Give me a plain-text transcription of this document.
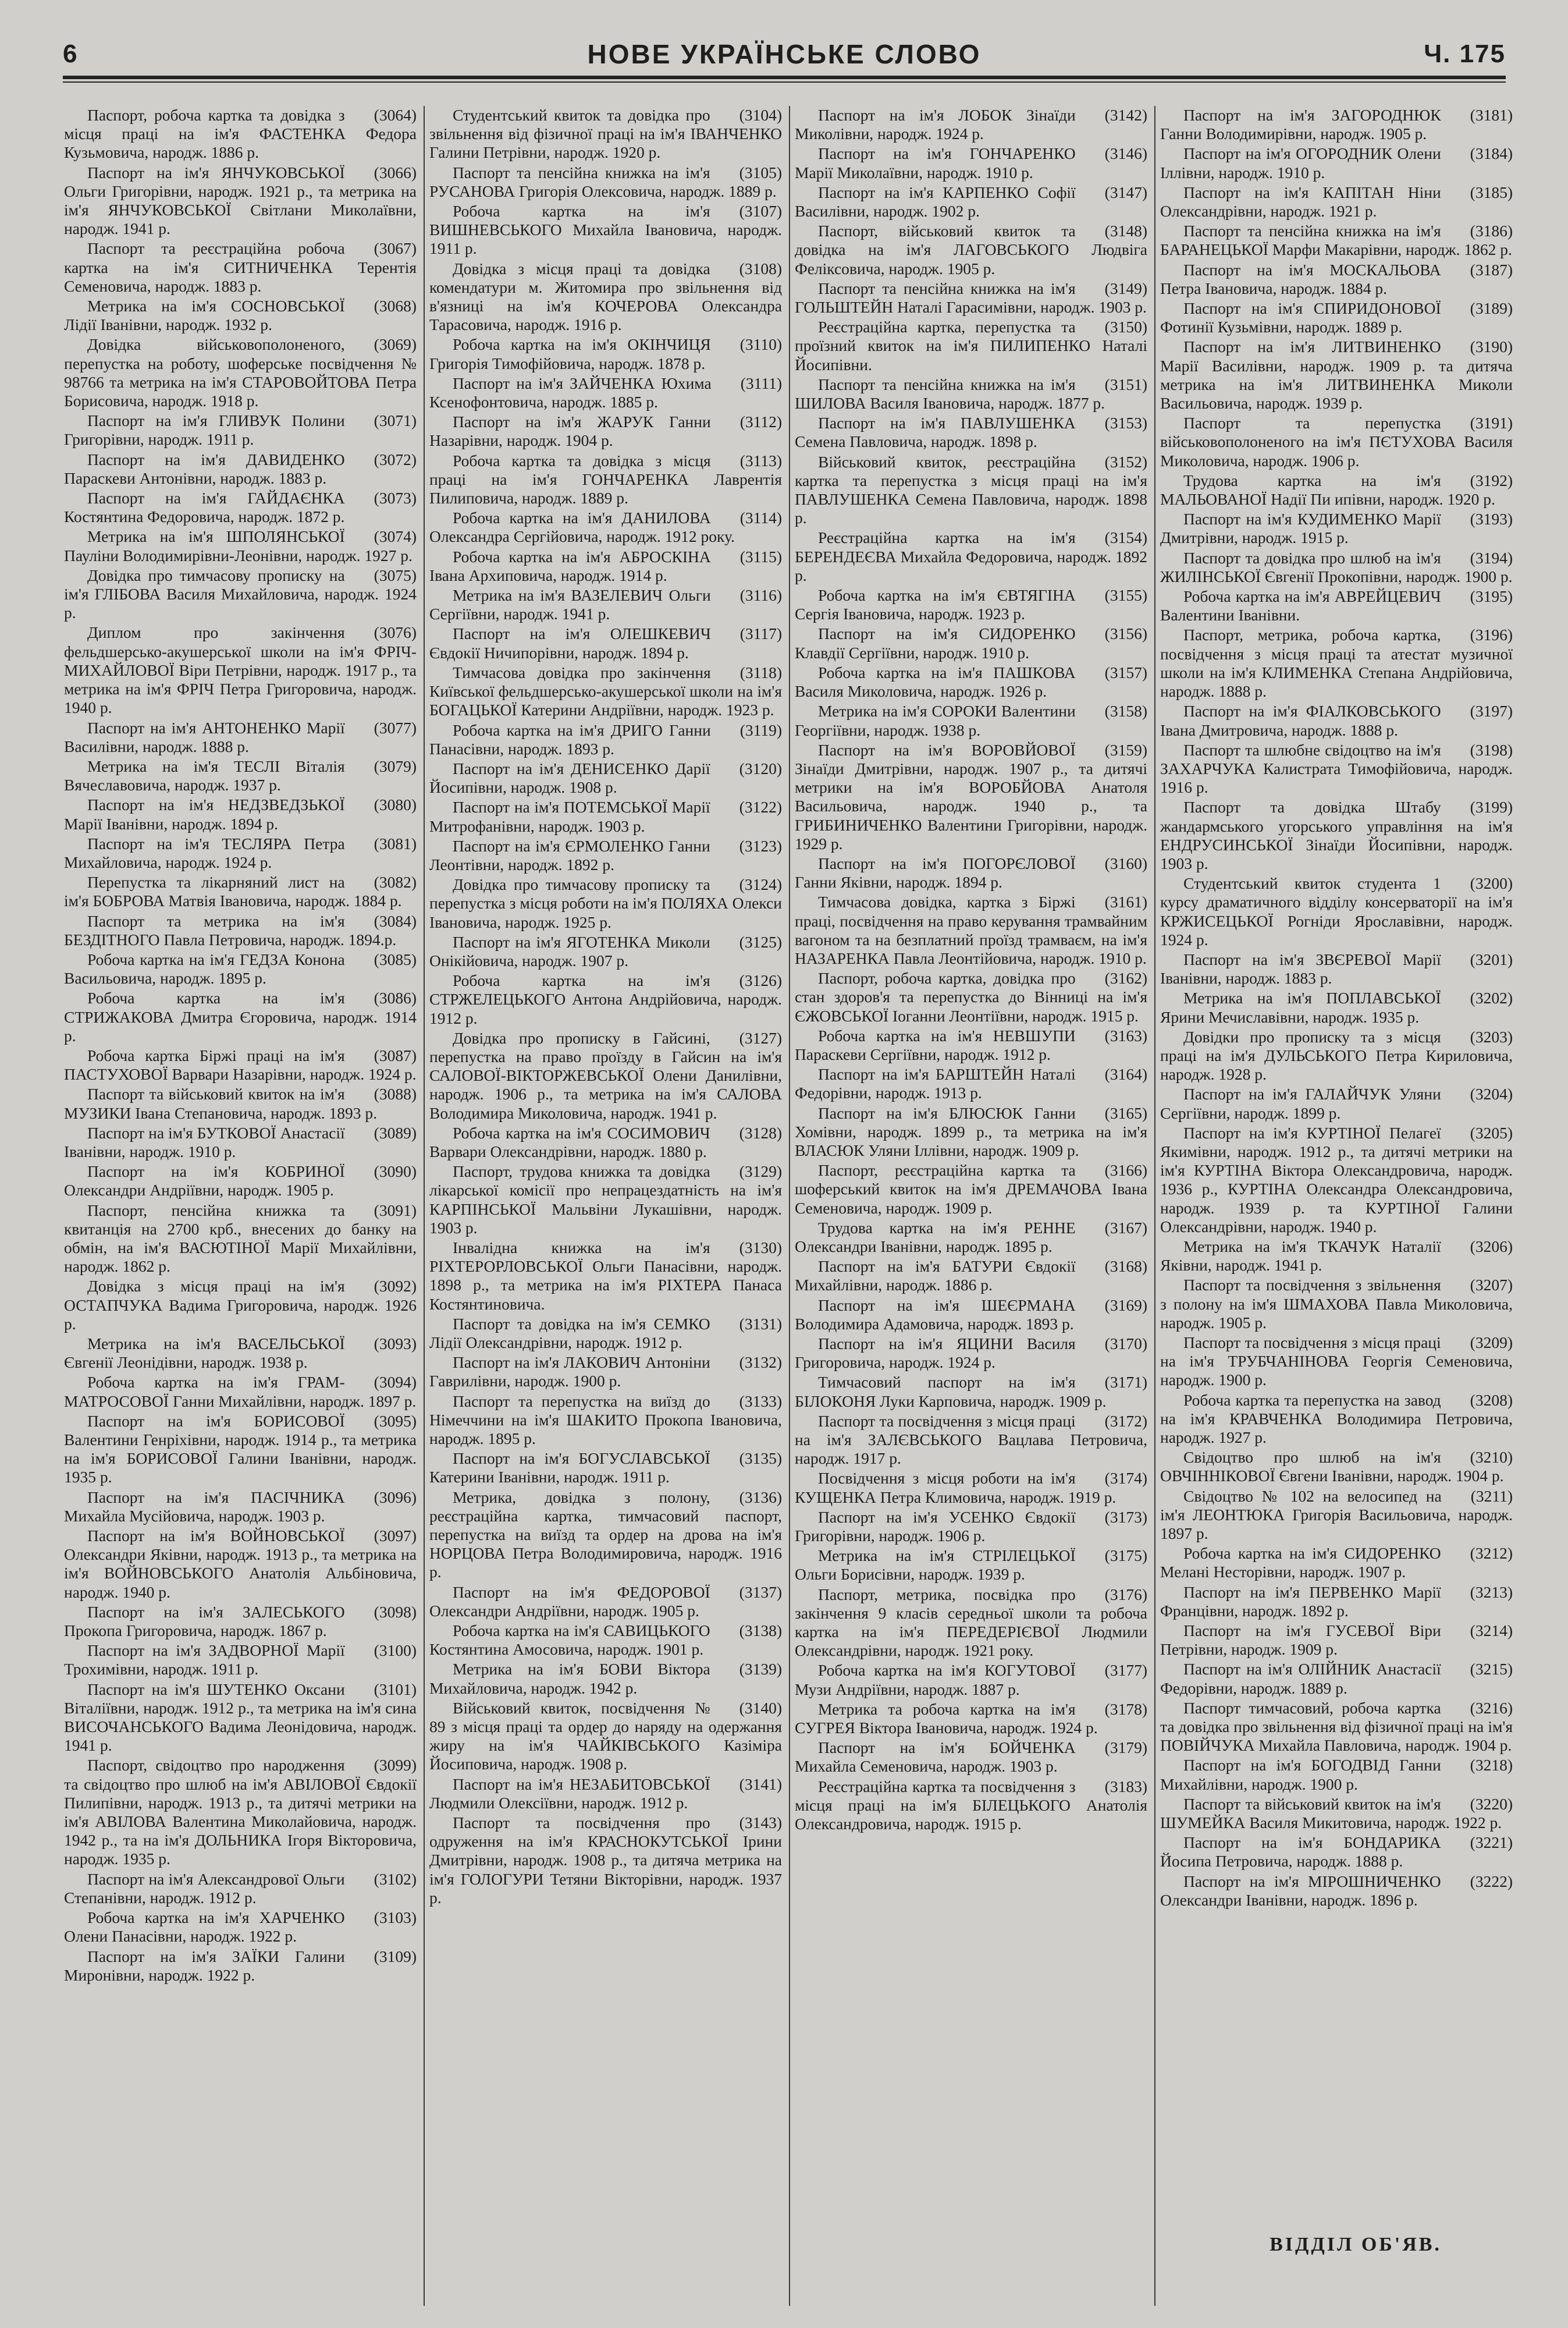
6	НОВЕ УКРАЇНСЬКЕ СЛОВО	Ч. 175

(3064)
Паспорт, робоча картка та довідка з місця праці на ім'я ФАСТЕНКА Федора Кузьмовича, народж. 1886 р.

(3066)
Паспорт на ім'я ЯНЧУКОВСЬКОЇ Ольги Григорівни, народж. 1921 р., та метрика на ім'я ЯНЧУКОВСЬКОЇ Світлани Миколаївни, народж. 1941 р.

(3067)
Паспорт та реєстраційна робоча картка на ім'я СИТНИЧЕНКА Терентія Семеновича, народж. 1883 р.

(3068)
Метрика на ім'я СОСНОВСЬКОЇ Лідії Іванівни, народж. 1932 р.

(3069)
Довідка військовополоненого, перепустка на роботу, шоферське посвідчення № 98766 та метрика на ім'я СТАРОВОЙТОВА Петра Борисовича, народж. 1918 р.

(3071)
Паспорт на ім'я ГЛИВУК Полини Григорівни, народж. 1911 р.

(3072)
Паспорт на ім'я ДАВИДЕНКО Параскеви Антонівни, народж. 1883 р.

(3073)
Паспорт на ім'я ГАЙДАЄНКА Костянтина Федоровича, народж. 1872 р.

(3074)
Метрика на ім'я ШПОЛЯНСЬКОЇ Пауліни Володимирівни-Леонівни, народж. 1927 р.

(3075)
Довідка про тимчасову прописку на ім'я ГЛІБОВА Василя Михайловича, народж. 1924 р.

(3076)
Диплом про закінчення фельдшерсько-акушерської школи на ім'я ФРІЧ-МИХАЙЛОВОЇ Віри Петрівни, народж. 1917 р., та метрика на ім'я ФРІЧ Петра Григоровича, народж. 1940 р.

(3077)
Паспорт на ім'я АНТОНЕНКО Марії Василівни, народж. 1888 р.

(3079)
Метрика на ім'я ТЕСЛІ Віталія Вячеславовича, народж. 1937 р.

(3080)
Паспорт на ім'я НЕДЗВЕДЗЬКОЇ Марії Іванівни, народж. 1894 р.

(3081)
Паспорт на ім'я ТЕСЛЯРА Петра Михайловича, народж. 1924 р.

(3082)
Перепустка та лікарняний лист на ім'я БОБРОВА Матвія Івановича, народж. 1884 р.

(3084)
Паспорт та метрика на ім'я БЕЗДІТНОГО Павла Петровича, народж. 1894.р.

(3085)
Робоча картка на ім'я ГЕДЗА Конона Васильовича, народж. 1895 р.

(3086)
Робоча картка на ім'я СТРИЖАКОВА Дмитра Єгоровича, народж. 1914 р.

(3087)
Робоча картка Біржі праці на ім'я ПАСТУХОВОЇ Варвари Назарівни, народж. 1924 р.

(3088)
Паспорт та військовий квиток на ім'я МУЗИКИ Івана Степановича, народж. 1893 р.

(3089)
Паспорт на ім'я БУТКОВОЇ Анастасії Іванівни, народж. 1910 р.

(3090)
Паспорт на ім'я КОБРИНОЇ Олександри Андріївни, народж. 1905 р.

(3091)
Паспорт, пенсійна книжка та квитанція на 2700 крб., внесених до банку на обмін, на ім'я ВАСЮТІНОЇ Марії Михайлівни, народж. 1862 р.

(3092)
Довідка з місця праці на ім'я ОСТАПЧУКА Вадима Григоровича, народж. 1926 р.

(3093)
Метрика на ім'я ВАСЕЛЬСЬКОЇ Євгенії Леонідівни, народж. 1938 р.

(3094)
Робоча картка на ім'я ГРАМ-МАТРОСОВОЇ Ганни Михайлівни, народж. 1897 р.

(3095)
Паспорт на ім'я БОРИСОВОЇ Валентини Генріхівни, народж. 1914 р., та метрика на ім'я БОРИСОВОЇ Галини Іванівни, народж. 1935 р.

(3096)
Паспорт на ім'я ПАСІЧНИКА Михайла Мусійовича, народж. 1903 р.

(3097)
Паспорт на ім'я ВОЙНОВСЬКОЇ Олександри Яківни, народж. 1913 р., та метрика на ім'я ВОЙНОВСЬКОГО Анатолія Альбіновича, народж. 1940 р.

(3098)
Паспорт на ім'я ЗАЛЕСЬКОГО Прокопа Григоровича, народж. 1867 р.

(3100)
Паспорт на ім'я ЗАДВОРНОЇ Марії Трохимівни, народж. 1911 р.

(3101)
Паспорт на ім'я ШУТЕНКО Оксани Віталіївни, народж. 1912 р., та метрика на ім'я сина ВИСОЧАНСЬКОГО Вадима Леонідовича, народж. 1941 р.

(3099)
Паспорт, свідоцтво про народження та свідоцтво про шлюб на ім'я АВІЛОВОЇ Євдокії Пилипівни, народж. 1913 р., та дитячі метрики на ім'я АВІЛОВА Валентина Миколайовича, народж. 1942 р., та на ім'я ДОЛЬНИКА Ігоря Вікторовича, народж. 1935 р.

(3102)
Паспорт на ім'я Александрової Ольги Степанівни, народж. 1912 р.

(3103)
Робоча картка на ім'я ХАРЧЕНКО Олени Панасівни, народж. 1922 р.

(3109)
Паспорт на ім'я ЗАЇКИ Галини Миронівни, народж. 1922 р.

(3104)
Студентський квиток та довідка про звільнення від фізичної праці на ім'я ІВАНЧЕНКО Галини Петрівни, народж. 1920 р.

(3105)
Паспорт та пенсійна книжка на ім'я РУСАНОВА Григорія Олексовича, народж. 1889 р.

(3107)
Робоча картка на ім'я ВИШНЕВСЬКОГО Михайла Івановича, народж. 1911 р.

(3108)
Довідка з місця праці та довідка комендатури м. Житомира про звільнення від в'язниці на ім'я КОЧЕРОВА Олександра Тарасовича, народж. 1916 р.

(3110)
Робоча картка на ім'я ОКІНЧИЦЯ Григорія Тимофійовича, народж. 1878 р.

(3111)
Паспорт на ім'я ЗАЙЧЕНКА Юхима Ксенофонтовича, народж. 1885 р.

(3112)
Паспорт на ім'я ЖАРУК Ганни Назарівни, народж. 1904 р.

(3113)
Робоча картка та довідка з місця праці на ім'я ГОНЧАРЕНКА Лаврентія Пилиповича, народж. 1889 р.

(3114)
Робоча картка на ім'я ДАНИЛОВА Олександра Сергійовича, народж. 1912 року.

(3115)
Робоча картка на ім'я АБРОСКІНА Івана Архиповича, народж. 1914 р.

(3116)
Метрика на ім'я ВАЗЕЛЕВИЧ Ольги Сергіївни, народж. 1941 р.

(3117)
Паспорт на ім'я ОЛЕШКЕВИЧ Євдокії Ничипорівни, народж. 1894 р.

(3118)
Тимчасова довідка про закінчення Київської фельдшерсько-акушерської школи на ім'я БОГАЦЬКОЇ Катерини Андріївни, народж. 1923 р.

(3119)
Робоча картка на ім'я ДРИГО Ганни Панасівни, народж. 1893 р.

(3120)
Паспорт на ім'я ДЕНИСЕНКО Дарії Йосипівни, народж. 1908 р.

(3122)
Паспорт на ім'я ПОТЕМСЬКОЇ Марії Митрофанівни, народж. 1903 р.

(3123)
Паспорт на ім'я ЄРМОЛЕНКО Ганни Леонтівни, народж. 1892 р.

(3124)
Довідка про тимчасову прописку та перепустка з місця роботи на ім'я ПОЛЯХА Олекси Івановича, народж. 1925 р.

(3125)
Паспорт на ім'я ЯГОТЕНКА Миколи Онікійовича, народж. 1907 р.

(3126)
Робоча картка на ім'я СТРЖЕЛЕЦЬКОГО Антона Андрійовича, народж. 1912 р.

(3127)
Довідка про прописку в Гайсині, перепустка на право проїзду в Гайсин на ім'я САЛОВОЇ-ВІКТОРЖЕВСЬКОЇ Олени Данилівни, народж. 1906 р., та метрика на ім'я САЛОВА Володимира Миколовича, народж. 1941 р.

(3128)
Робоча картка на ім'я СОСИМОВИЧ Варвари Олександрівни, народж. 1880 р.

(3129)
Паспорт, трудова книжка та довідка лікарської комісії про непрацездатність на ім'я КАРПІНСЬКОЇ Мальвіни Лукашівни, народж. 1903 р.

(3130)
Інвалідна книжка на ім'я РІХТЕРОРЛОВСЬКОЇ Ольги Панасівни, народж. 1898 р., та метрика на ім'я РІХТЕРА Панаса Костянтиновича.

(3131)
Паспорт та довідка на ім'я СЕМКО Лідії Олександрівни, народж. 1912 р.

(3132)
Паспорт на ім'я ЛАКОВИЧ Антоніни Гаврилівни, народж. 1900 р.

(3133)
Паспорт та перепустка на виїзд до Німеччини на ім'я ШАКИТО Прокопа Івановича, народж. 1895 р.

(3135)
Паспорт на ім'я БОГУСЛАВСЬКОЇ Катерини Іванівни, народж. 1911 р.

(3136)
Метрика, довідка з полону, реєстраційна картка, тимчасовий паспорт, перепустка на виїзд та ордер на дрова на ім'я НОРЦОВА Петра Володимировича, народж. 1916 р.

(3137)
Паспорт на ім'я ФЕДОРОВОЇ Олександри Андріївни, народж. 1905 р.

(3138)
Робоча картка на ім'я САВИЦЬКОГО Костянтина Амосовича, народж. 1901 р.

(3139)
Метрика на ім'я БОВИ Віктора Михайловича, народж. 1942 р.

(3140)
Військовий квиток, посвідчення № 89 з місця праці та ордер до наряду на одержання жиру на ім'я ЧАЙКІВСЬКОГО Казіміра Йосиповича, народж. 1908 р.

(3141)
Паспорт на ім'я НЕЗАБИТОВСЬКОЇ Людмили Олексіївни, народж. 1912 р.

(3143)
Паспорт та посвідчення про одруження на ім'я КРАСНОКУТСЬКОЇ Ірини Дмитрівни, народж. 1908 р., та дитяча метрика на ім'я ГОЛОГУРИ Тетяни Вікторівни, народж. 1937 р.

(3142)
Паспорт на ім'я ЛОБОК Зінаїди Миколівни, народж. 1924 р.

(3146)
Паспорт на ім'я ГОНЧАРЕНКО Марії Миколаївни, народж. 1910 р.

(3147)
Паспорт на ім'я КАРПЕНКО Софії Василівни, народж. 1902 р.

(3148)
Паспорт, військовий квиток та довідка на ім'я ЛАГОВСЬКОГО Людвіга Феліксовича, народж. 1905 р.

(3149)
Паспорт та пенсійна книжка на ім'я ГОЛЬШТЕЙН Наталі Гарасимівни, народж. 1903 р.

(3150)
Реєстраційна картка, перепустка та проїзний квиток на ім'я ПИЛИПЕНКО Наталі Йосипівни.

(3151)
Паспорт та пенсійна книжка на ім'я ШИЛОВА Василя Івановича, народж. 1877 р.

(3153)
Паспорт на ім'я ПАВЛУШЕНКА Семена Павловича, народж. 1898 р.

(3152)
Військовий квиток, реєстраційна картка та перепустка з місця праці на ім'я ПАВЛУШЕНКА Семена Павловича, народж. 1898 р.

(3154)
Реєстраційна картка на ім'я БЕРЕНДЕЄВА Михайла Федоровича, народж. 1892 р.

(3155)
Робоча картка на ім'я ЄВТЯГІНА Сергія Івановича, народж. 1923 р.

(3156)
Паспорт на ім'я СИДОРЕНКО Клавдії Сергіївни, народж. 1910 р.

(3157)
Робоча картка на ім'я ПАШКОВА Василя Миколовича, народж. 1926 р.

(3158)
Метрика на ім'я СОРОКИ Валентини Георгіївни, народж. 1938 р.

(3159)
Паспорт на ім'я ВОРОВЙОВОЇ Зінаїди Дмитрівни, народж. 1907 р., та дитячі метрики на ім'я ВОРОБЙОВА Анатоля Васильовича, народж. 1940 р., та ГРИБИНИЧЕНКО Валентини Григорівни, народж. 1929 р.

(3160)
Паспорт на ім'я ПОГОРЄЛОВОЇ Ганни Яківни, народж. 1894 р.

(3161)
Тимчасова довідка, картка з Біржі праці, посвідчення на право керування трамвайним вагоном та на безплатний проїзд трамваєм, на ім'я НАЗАРЕНКА Павла Леонтійовича, народж. 1910 р.

(3162)
Паспорт, робоча картка, довідка про стан здоров'я та перепустка до Вінниці на ім'я ЄЖОВСЬКОЇ Іоганни Леонтіївни, народж. 1915 р.

(3163)
Робоча картка на ім'я НЕВШУПИ Параскеви Сергіївни, народж. 1912 р.

(3164)
Паспорт на ім'я БАРШТЕЙН Наталі Федорівни, народж. 1913 р.

(3165)
Паспорт на ім'я БЛЮСЮК Ганни Хомівни, народж. 1899 р., та метрика на ім'я ВЛАСЮК Уляни Іллівни, народж. 1909 р.

(3166)
Паспорт, реєстраційна картка та шоферський квиток на ім'я ДРЕМАЧОВА Івана Семеновича, народж. 1909 р.

(3167)
Трудова картка на ім'я РЕННЕ Олександри Іванівни, народж. 1895 р.

(3168)
Паспорт на ім'я БАТУРИ Євдокії Михайлівни, народж. 1886 р.

(3169)
Паспорт на ім'я ШЕЄРМАНА Володимира Адамовича, народж. 1893 р.

(3170)
Паспорт на ім'я ЯЦИНИ Василя Григоровича, народж. 1924 р.

(3171)
Тимчасовий паспорт на ім'я БІЛОКОНЯ Луки Карповича, народж. 1909 р.

(3172)
Паспорт та посвідчення з місця праці на ім'я ЗАЛЄВСЬКОГО Вацлава Петровича, народж. 1917 р.

(3174)
Посвідчення з місця роботи на ім'я КУЩЕНКА Петра Климовича, народж. 1919 р.

(3173)
Паспорт на ім'я УСЕНКО Євдокії Григорівни, народж. 1906 р.

(3175)
Метрика на ім'я СТРІЛЕЦЬКОЇ Ольги Борисівни, народж. 1939 р.

(3176)
Паспорт, метрика, посвідка про закінчення 9 класів середньої школи та робоча картка на ім'я ПЕРЕДЕРІЄВОЇ Людмили Олександрівни, народж. 1921 року.

(3177)
Робоча картка на ім'я КОГУТОВОЇ Музи Андріївни, народж. 1887 р.

(3178)
Метрика та робоча картка на ім'я СУГРЕЯ Віктора Івановича, народж. 1924 р.

(3179)
Паспорт на ім'я БОЙЧЕНКА Михайла Семеновича, народж. 1903 р.

(3183)
Реєстраційна картка та посвідчення з місця праці на ім'я БІЛЕЦЬКОГО Анатолія Олександровича, народж. 1915 р.

(3181)
Паспорт на ім'я ЗАГОРОДНЮК Ганни Володимирівни, народж. 1905 р.

(3184)
Паспорт на ім'я ОГОРОДНИК Олени Іллівни, народж. 1910 р.

(3185)
Паспорт на ім'я КАПІТАН Ніни Олександрівни, народж. 1921 р.

(3186)
Паспорт та пенсійна книжка на ім'я БАРАНЕЦЬКОЇ Марфи Макарівни, народж. 1862 р.

(3187)
Паспорт на ім'я МОСКАЛЬОВА Петра Івановича, народж. 1884 р.

(3189)
Паспорт на ім'я СПИРИДОНОВОЇ Фотинії Кузьмівни, народж. 1889 р.

(3190)
Паспорт на ім'я ЛИТВИНЕНКО Марії Василівни, народж. 1909 р. та дитяча метрика на ім'я ЛИТВИНЕНКА Миколи Васильовича, народж. 1939 р.

(3191)
Паспорт та перепустка військовополоненого на ім'я ПЄТУХОВА Василя Миколовича, народж. 1906 р.

(3192)
Трудова картка на ім'я МАЛЬОВАНОЇ Надії Пи ипівни, народж. 1920 р.

(3193)
Паспорт на ім'я КУДИМЕНКО Марії Дмитрівни, народж. 1915 р.

(3194)
Паспорт та довідка про шлюб на ім'я ЖИЛІНСЬКОЇ Євгенії Прокопівни, народж. 1900 р.

(3195)
Робоча картка на ім'я АВРЕЙЦЕВИЧ Валентини Іванівни.

(3196)
Паспорт, метрика, робоча картка, посвідчення з місця праці та атестат музичної школи на ім'я КЛИМЕНКА Степана Андрійовича, народж. 1888 р.

(3197)
Паспорт на ім'я ФІАЛКОВСЬКОГО Івана Дмитровича, народж. 1888 р.

(3198)
Паспорт та шлюбне свідоцтво на ім'я ЗАХАРЧУКА Калистрата Тимофійовича, народж. 1916 р.

(3199)
Паспорт та довідка Штабу жандармського угорського управління на ім'я ЕНДРУСИНСЬКОЇ Зінаїди Йосипівни, народж. 1903 р.

(3200)
Студентський квиток студента 1 курсу драматичного відділу консерваторії на ім'я КРЖИСЕЦЬКОЇ Рогніди Ярославівни, народж. 1924 р.

(3201)
Паспорт на ім'я ЗВЄРЕВОЇ Марії Іванівни, народж. 1883 р.

(3202)
Метрика на ім'я ПОПЛАВСЬКОЇ Ярини Мечиславівни, народж. 1935 р.

(3203)
Довідки про прописку та з місця праці на ім'я ДУЛЬСЬКОГО Петра Кириловича, народж. 1928 р.

(3204)
Паспорт на ім'я ГАЛАЙЧУК Уляни Сергіївни, народж. 1899 р.

(3205)
Паспорт на ім'я КУРТІНОЇ Пелагеї Якимівни, народж. 1912 р., та дитячі метрики на ім'я КУРТІНА Віктора Олександровича, народж. 1936 р., КУРТІНА Олександра Олександровича, народж. 1939 р. та КУРТІНОЇ Галини Олександрівни, народж. 1940 р.

(3206)
Метрика на ім'я ТКАЧУК Наталії Яківни, народж. 1941 р.

(3207)
Паспорт та посвідчення з звільнення з полону на ім'я ШМАХОВА Павла Миколовича, народж. 1905 р.

(3209)
Паспорт та посвідчення з місця праці на ім'я ТРУБЧАНІНОВА Георгія Семеновича, народж. 1900 р.

(3208)
Робоча картка та перепустка на завод на ім'я КРАВЧЕНКА Володимира Петровича, народж. 1927 р.

(3210)
Свідоцтво про шлюб на ім'я ОВЧІННІКОВОЇ Євгени Іванівни, народж. 1904 р.

(3211)
Свідоцтво № 102 на велосипед на ім'я ЛЕОНТЮКА Григорія Васильовича, народж. 1897 р.

(3212)
Робоча картка на ім'я СИДОРЕНКО Мелані Несторівни, народж. 1907 р.

(3213)
Паспорт на ім'я ПЕРВЕНКО Марії Францівни, народж. 1892 р.

(3214)
Паспорт на ім'я ГУСЕВОЇ Віри Петрівни, народж. 1909 р.

(3215)
Паспорт на ім'я ОЛІЙНИК Анастасії Федорівни, народж. 1889 р.

(3216)
Паспорт тимчасовий, робоча картка та довідка про звільнення від фізичної праці на ім'я ПОВІЙЧУКА Михайла Павловича, народж. 1904 р.

(3218)
Паспорт на ім'я БОГОДВІД Ганни Михайлівни, народж. 1900 р.

(3220)
Паспорт та військовий квиток на ім'я ШУМЕЙКА Василя Микитовича, народж. 1922 р.

(3221)
Паспорт на ім'я БОНДАРИКА Йосипа Петровича, народж. 1888 р.

(3222)
Паспорт на ім'я МІРОШНИЧЕНКО Олександри Іванівни, народж. 1896 р.

ВІДДІЛ ОБ'ЯВ.
